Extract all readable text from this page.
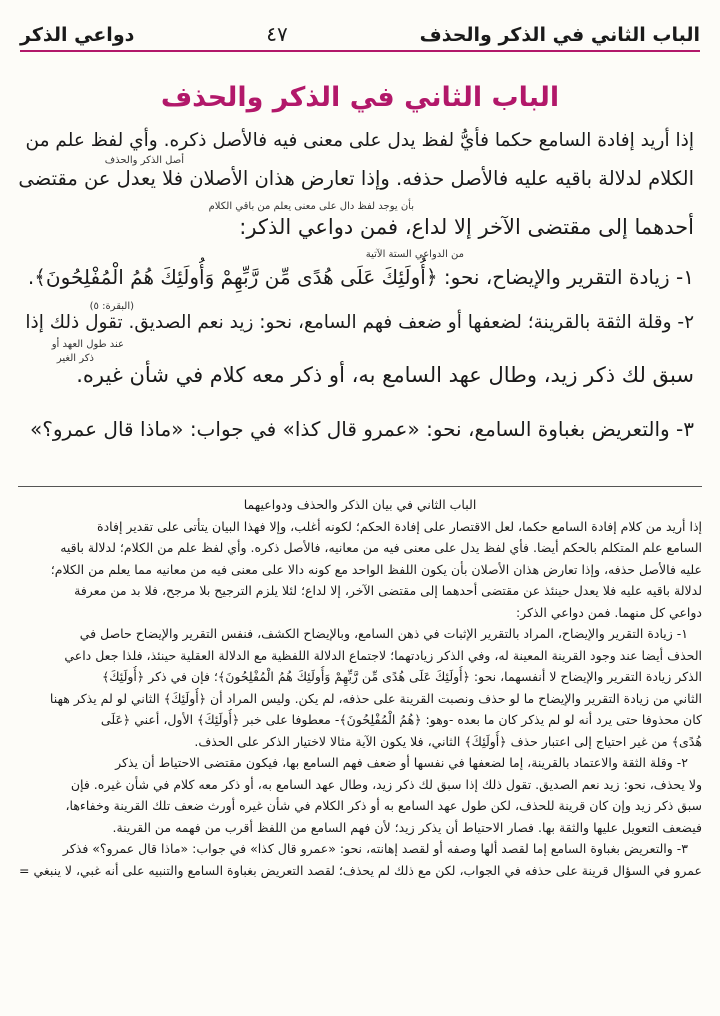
الباب الثاني في الذكر والحذف
٤٧
دواعي الذكر
الباب الثاني في الذكر والحذف
إذا أريد إفادة السامع حكما فأيُّ لفظ يدل على معنى فيه فالأصل ذكره. وأي لفظ علم من
أصل الذكر والحذف
الكلام لدلالة باقيه عليه فالأصل حذفه. وإذا تعارض هذان الأصلان فلا يعدل عن مقتضى
بأن يوجد لفظ دال على معنى يعلم من باقي الكلام
أحدهما إلى مقتضى الآخر إلا لداع، فمن دواعي الذكر:
من الدواعي الستة الآتية
١- زيادة التقرير والإيضاح، نحو: ﴿أُولَئِكَ عَلَى هُدًى مِّن رَّبِّهِمْ وَأُولَئِكَ هُمُ الْمُفْلِحُونَ﴾.
(البقرة: ٥)
٢- وقلة الثقة بالقرينة؛ لضعفها أو ضعف فهم السامع، نحو: زيد نعم الصديق. تقول ذلك إذا
عند طول العهد أو
ذكر الغير
سبق لك ذكر زيد، وطال عهد السامع به، أو ذكر معه كلام في شأن غيره.
٣- والتعريض بغباوة السامع، نحو: «عمرو قال كذا» في جواب: «ماذا قال عمرو؟»
الباب الثاني في بيان الذكر والحذف ودواعيهما
إذا أريد من كلام إفادة السامع حكما، لعل الاقتصار على إفادة الحكم؛ لكونه أغلب، وإلا فهذا البيان يتأتى على تقدير إفادة
السامع علم المتكلم بالحكم أيضا. فأي لفظ يدل على معنى فيه من معانيه، فالأصل ذكره. وأي لفظ علم من الكلام؛ لدلالة باقيه
عليه فالأصل حذفه، وإذا تعارض هذان الأصلان بأن يكون اللفظ الواحد مع كونه دالا على معنى فيه من معانيه مما يعلم من الكلام؛
لدلالة باقيه عليه فلا يعدل حينئذ عن مقتضى أحدهما إلى مقتضى الآخر، إلا لداع؛ لئلا يلزم الترجيح بلا مرجح، فلا بد من معرفة
دواعي كل منهما. فمن دواعي الذكر:
١- زيادة التقرير والإيضاح، المراد بالتقرير الإثبات في ذهن السامع، وبالإيضاح الكشف، فنفس التقرير والإيضاح حاصل في
الحذف أيضا عند وجود القرينة المعينة له، وفي الذكر زيادتهما؛ لاجتماع الدلالة اللفظية مع الدلالة العقلية حينئذ، فلذا جعل داعي
الذكر زيادة التقرير والإيضاح لا أنفسهما، نحو: ﴿أُولَئِكَ عَلَى هُدًى مِّن رَّبِّهِمْ وَأُولَئِكَ هُمُ الْمُفْلِحُونَ﴾؛ فإن في ذكر ﴿أُولَئِكَ﴾
الثاني من زيادة التقرير والإيضاح ما لو حذف ونصبت القرينة على حذفه، لم يكن. وليس المراد أن ﴿أُولَئِكَ﴾ الثاني لو لم يذكر ههنا
كان محذوفا حتى يرد أنه لو لم يذكر كان ما بعده -وهو: ﴿هُمُ الْمُفْلِحُونَ﴾- معطوفا على خبر ﴿أُولَئِكَ﴾ الأول، أعني ﴿عَلَى
هُدًى﴾ من غير احتياج إلى اعتبار حذف ﴿أُولَئِكَ﴾ الثاني، فلا يكون الآية مثالا لاختيار الذكر على الحذف.
٢- وقلة الثقة والاعتماد بالقرينة، إما لضعفها في نفسها أو ضعف فهم السامع بها، فيكون مقتضى الاحتياط أن يذكر
ولا يحذف، نحو: زيد نعم الصديق. تقول ذلك إذا سبق لك ذكر زيد، وطال عهد السامع به، أو ذكر معه كلام في شأن غيره. فإن
سبق ذكر زيد وإن كان قرينة للحذف، لكن طول عهد السامع به أو ذكر الكلام في شأن غيره أورث ضعف تلك القرينة وخفاءها،
فيضعف التعويل عليها والثقة بها. فصار الاحتياط أن يذكر زيد؛ لأن فهم السامع من اللفظ أقرب من فهمه من القرينة.
٣- والتعريض بغباوة السامع إما لقصد ألها وصفه أو لقصد إهانته، نحو: «عمرو قال كذا» في جواب: «ماذا قال عمرو؟» فذكر
عمرو في السؤال قرينة على حذفه في الجواب، لكن مع ذلك لم يحذف؛ لقصد التعريض بغباوة السامع والتنبيه على أنه غبي، لا ينبغي =
